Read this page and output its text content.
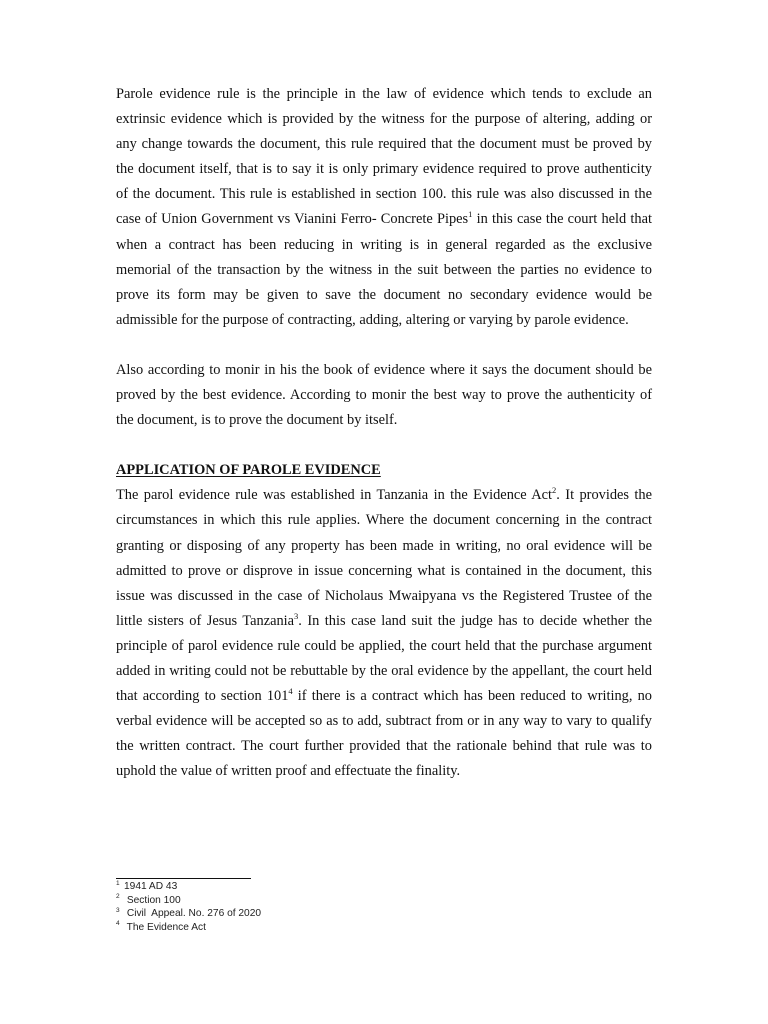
Parole evidence rule is the principle in the law of evidence which tends to exclude an extrinsic evidence which is provided by the witness for the purpose of altering, adding or any change towards the document, this rule required that the document must be proved by the document itself, that is to say it is only primary evidence required to prove authenticity of the document. This rule is established in section 100. this rule was also discussed in the case of Union Government vs Vianini Ferro- Concrete Pipes$^1$ in this case the court held that when a contract has been reducing in writing is in general regarded as the exclusive memorial of the transaction by the witness in the suit between the parties no evidence to prove its form may be given to save the document no secondary evidence would be admissible for the purpose of contracting, adding, altering or varying by parole evidence.

Also according to monir in his the book of evidence where it says the document should be proved by the best evidence. According to monir the best way to prove the authenticity of the document, is to prove the document by itself.

APPLICATION OF PAROLE EVIDENCE

The parol evidence rule was established in Tanzania in the Evidence Act$^2$. It provides the circumstances in which this rule applies. Where the document concerning in the contract granting or disposing of any property has been made in writing, no oral evidence will be admitted to prove or disprove in issue concerning what is contained in the document, this issue was discussed in the case of Nicholaus Mwaipyana vs the Registered Trustee of the little sisters of Jesus Tanzania$^3$. In this case land suit the judge has to decide whether the principle of parol evidence rule could be applied, the court held that the purchase argument added in writing could not be rebuttable by the oral evidence by the appellant, the court held that according to section $101^4$ if there is a contract which has been reduced to writing, no verbal evidence will be accepted so as to add, subtract from or in any way to vary to qualify the written contract. The court further provided that the rationale behind that rule was to uphold the value of written proof and effectuate the finality.

$^1$ 1941 AD 43
$^2$ Section 100
$^3$ Civil  Appeal. No. 276 of 2020
$^4$ The Evidence Act
